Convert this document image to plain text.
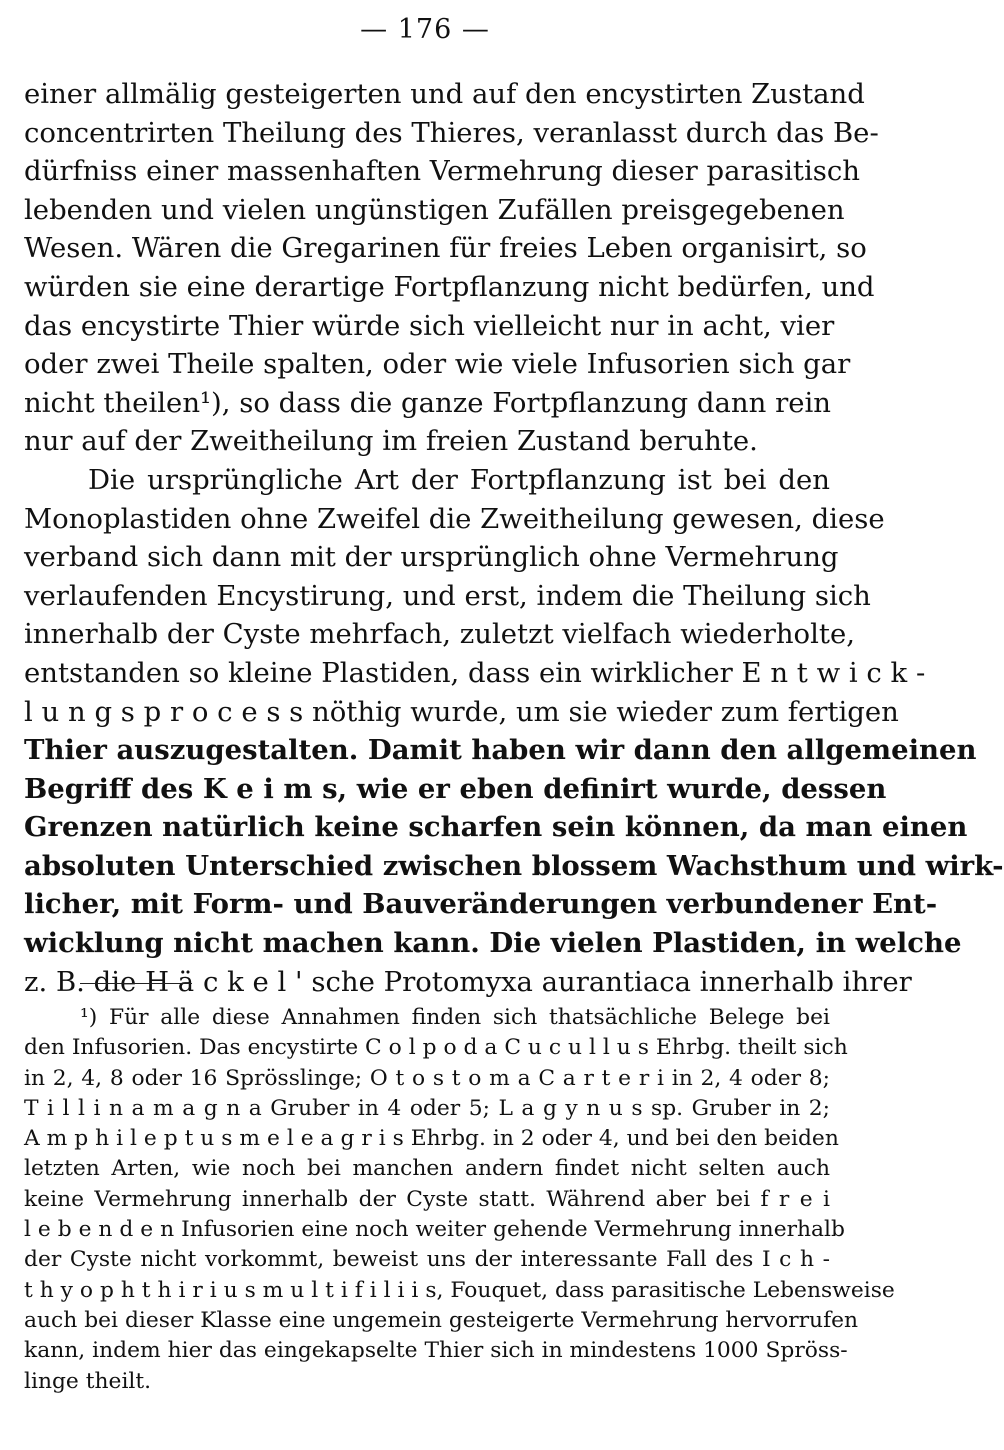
— 176 —
einer allmälig gesteigerten und auf den encystirten Zustand
concentrirten Theilung des Thieres, veranlasst durch das Be-
dürfniss einer massenhaften Vermehrung dieser parasitisch
lebenden und vielen ungünstigen Zufällen preisgegebenen
Wesen. Wären die Gregarinen für freies Leben organisirt, so
würden sie eine derartige Fortpflanzung nicht bedürfen, und
das encystirte Thier würde sich vielleicht nur in acht, vier
oder zwei Theile spalten, oder wie viele Infusorien sich gar
nicht theilen¹), so dass die ganze Fortpflanzung dann rein
nur auf der Zweitheilung im freien Zustand beruhte.
Die ursprüngliche Art der Fortpflanzung ist bei den
Monoplastiden ohne Zweifel die Zweitheilung gewesen, diese
verband sich dann mit der ursprünglich ohne Vermehrung
verlaufenden Encystirung, und erst, indem die Theilung sich
innerhalb der Cyste mehrfach, zuletzt vielfach wiederholte,
entstanden so kleine Plastiden, dass ein wirklicher E n t w i c k -
l u n g s p r o c e s s nöthig wurde, um sie wieder zum fertigen
Thier auszugestalten. Damit haben wir dann den allgemeinen
Begriff des K e i m s, wie er eben definirt wurde, dessen
Grenzen natürlich keine scharfen sein können, da man einen
absoluten Unterschied zwischen blossem Wachsthum und wirk-
licher, mit Form- und Bauveränderungen verbundener Ent-
wicklung nicht machen kann. Die vielen Plastiden, in welche
z. B. die H ä c k e l ' sche Protomyxa aurantiaca innerhalb ihrer
¹) Für alle diese Annahmen finden sich thatsächliche Belege bei
den Infusorien. Das encystirte C o l p o d a C u c u l l u s Ehrbg. theilt sich
in 2, 4, 8 oder 16 Sprösslinge; O t o s t o m a C a r t e r i in 2, 4 oder 8;
T i l l i n a m a g n a Gruber in 4 oder 5; L a g y n u s sp. Gruber in 2;
A m p h i l e p t u s m e l e a g r i s Ehrbg. in 2 oder 4, und bei den beiden
letzten Arten, wie noch bei manchen andern findet nicht selten auch
keine Vermehrung innerhalb der Cyste statt. Während aber bei f r e i
l e b e n d e n Infusorien eine noch weiter gehende Vermehrung innerhalb
der Cyste nicht vorkommt, beweist uns der interessante Fall des I c h -
t h y o p h t h i r i u s m u l t i f i l i i s, Fouquet, dass parasitische Lebensweise
auch bei dieser Klasse eine ungemein gesteigerte Vermehrung hervorrufen
kann, indem hier das eingekapselte Thier sich in mindestens 1000 Spröss-
linge theilt.
